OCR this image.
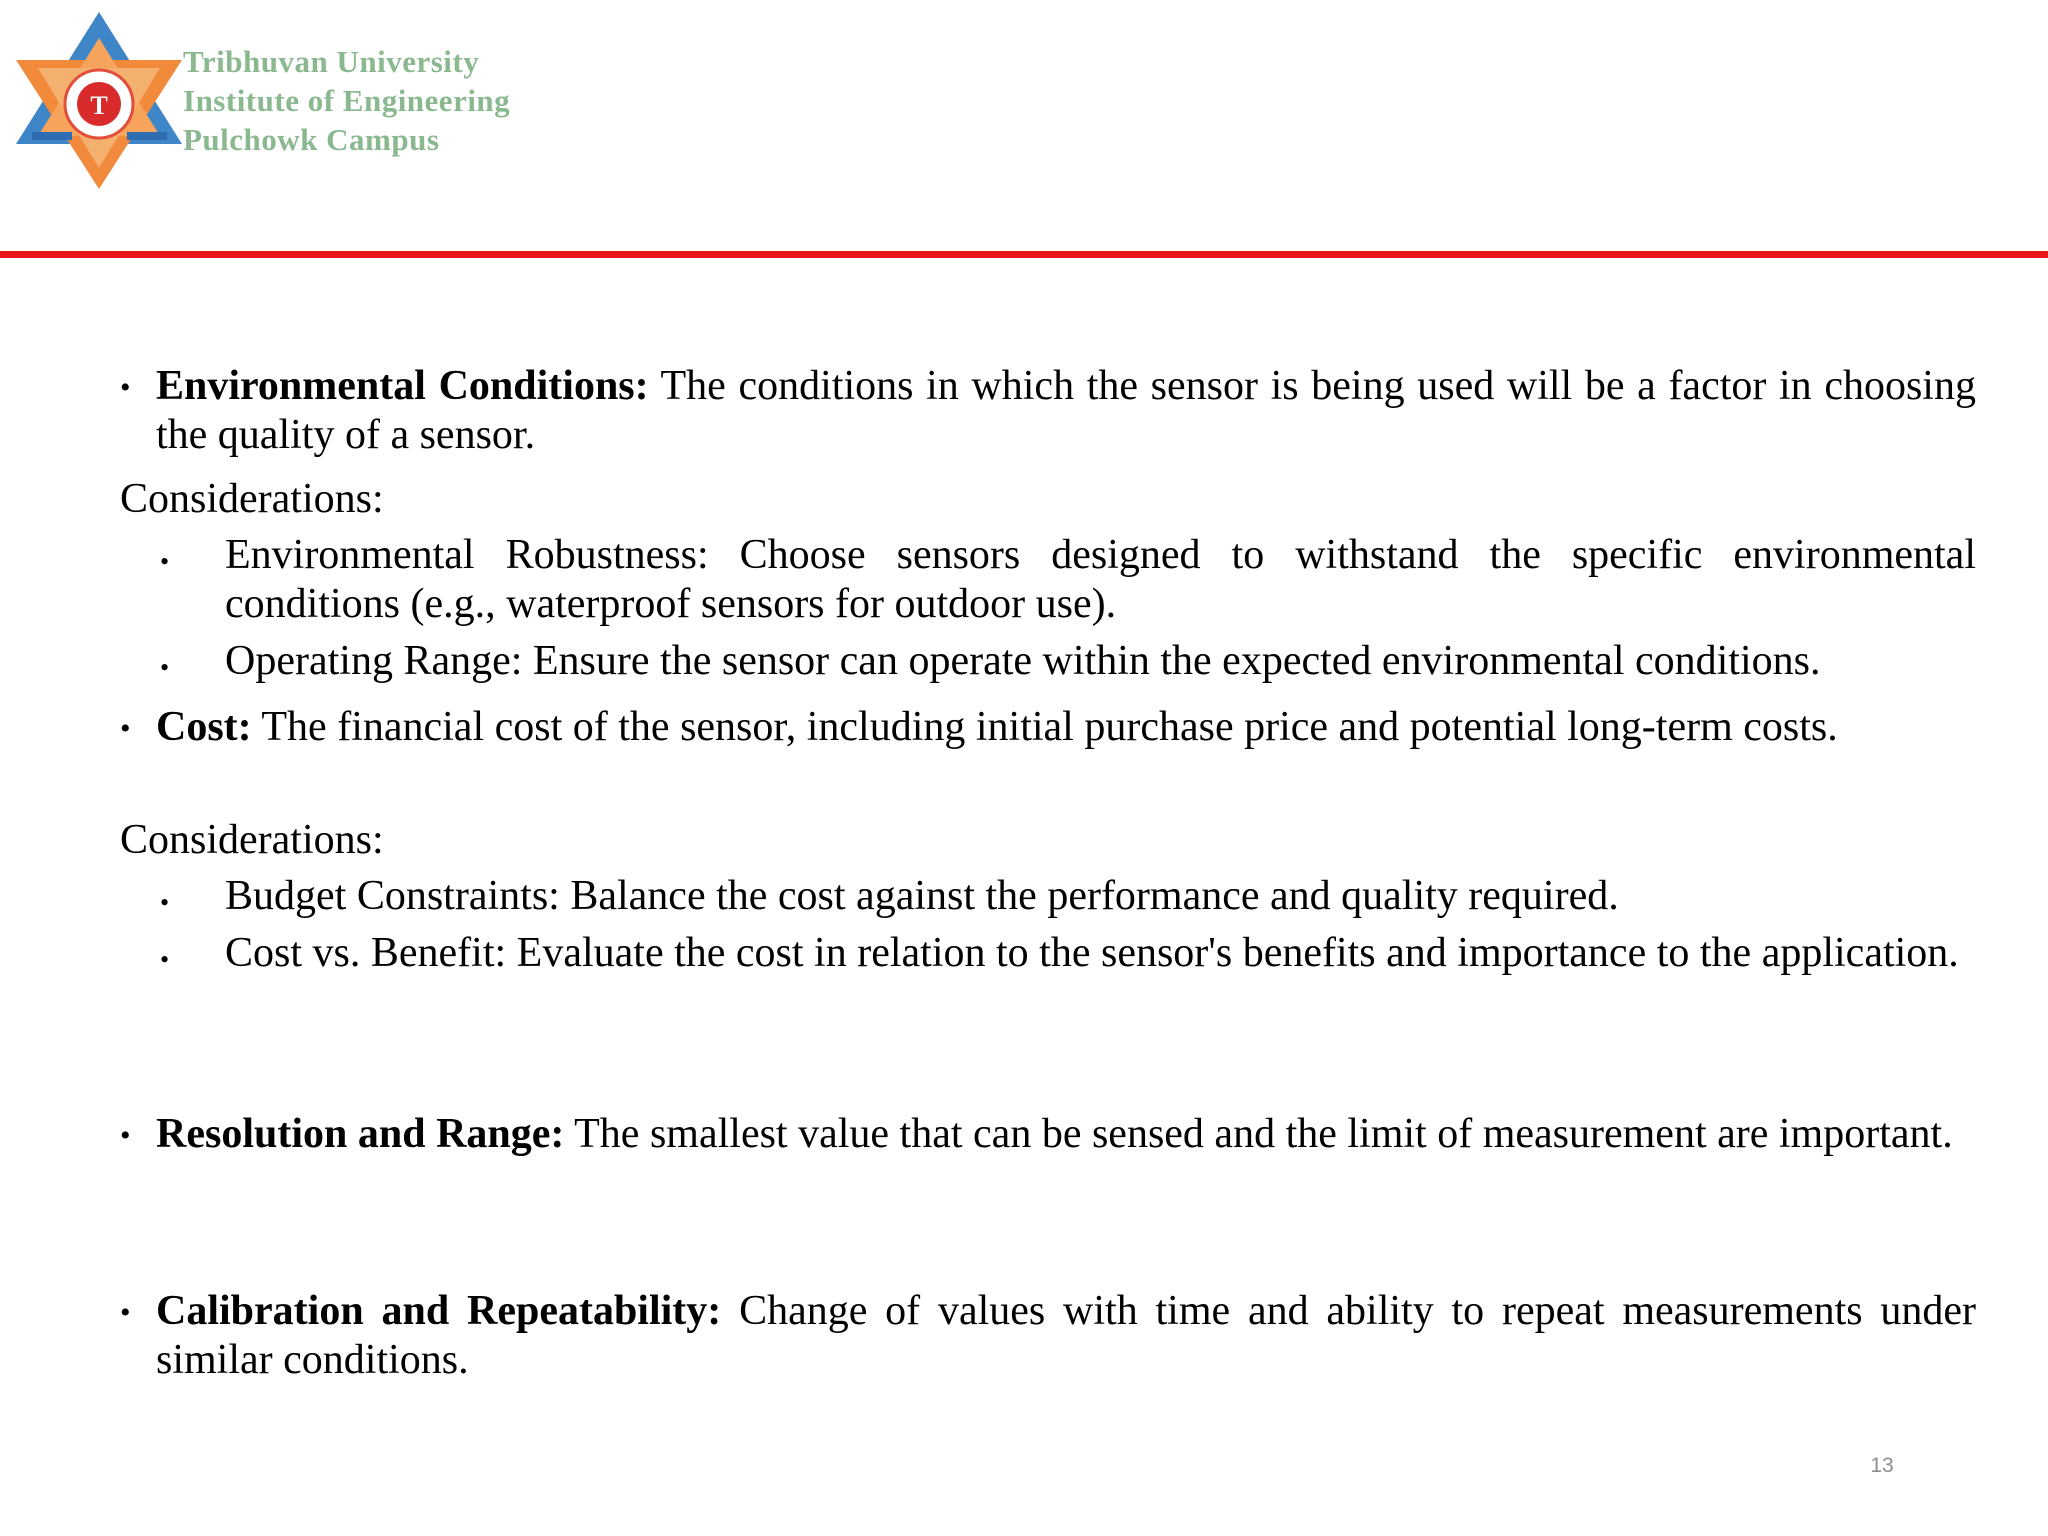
T
Tribhuvan University
Institute of Engineering
Pulchowk Campus
• Environmental Conditions: The conditions in which the sensor is being used will be a factor in choosing the quality of a sensor.
Considerations:
• Environmental Robustness: Choose sensors designed to withstand the specific environmental conditions (e.g., waterproof sensors for outdoor use).
• Operating Range: Ensure the sensor can operate within the expected environmental conditions.
• Cost: The financial cost of the sensor, including initial purchase price and potential long-term costs.
Considerations:
• Budget Constraints: Balance the cost against the performance and quality required.
• Cost vs. Benefit: Evaluate the cost in relation to the sensor's benefits and importance to the application.
• Resolution and Range: The smallest value that can be sensed and the limit of measurement are important.
• Calibration and Repeatability: Change of values with time and ability to repeat measurements under similar conditions.
13
